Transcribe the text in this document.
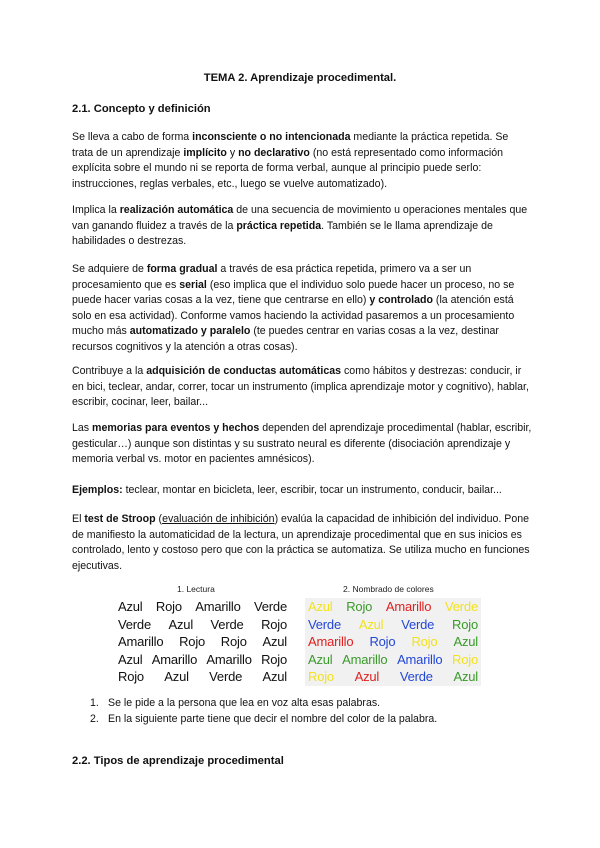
TEMA 2. Aprendizaje procedimental.
2.1. Concepto y definición
Se lleva a cabo de forma inconsciente o no intencionada mediante la práctica repetida. Se trata de un aprendizaje implícito y no declarativo (no está representado como información explícita sobre el mundo ni se reporta de forma verbal, aunque al principio puede serlo: instrucciones, reglas verbales, etc., luego se vuelve automatizado).
Implica la realización automática de una secuencia de movimiento u operaciones mentales que van ganando fluidez a través de la práctica repetida. También se le llama aprendizaje de habilidades o destrezas.
Se adquiere de forma gradual a través de esa práctica repetida, primero va a ser un procesamiento que es serial (eso implica que el individuo solo puede hacer un proceso, no se puede hacer varias cosas a la vez, tiene que centrarse en ello) y controlado (la atención está solo en esa actividad). Conforme vamos haciendo la actividad pasaremos a un procesamiento mucho más automatizado y paralelo (te puedes centrar en varias cosas a la vez, destinar recursos cognitivos y la atención a otras cosas).
Contribuye a la adquisición de conductas automáticas como hábitos y destrezas: conducir, ir en bici, teclear, andar, correr, tocar un instrumento (implica aprendizaje motor y cognitivo), hablar, escribir, cocinar, leer, bailar...
Las memorias para eventos y hechos dependen del aprendizaje procedimental (hablar, escribir, gesticular…) aunque son distintas y su sustrato neural es diferente (disociación aprendizaje y memoria verbal vs. motor en pacientes amnésicos).
Ejemplos: teclear, montar en bicicleta, leer, escribir, tocar un instrumento, conducir, bailar...
El test de Stroop (evaluación de inhibición) evalúa la capacidad de inhibición del individuo. Pone de manifiesto la automaticidad de la lectura, un aprendizaje procedimental que en sus inicios es controlado, lento y costoso pero que con la práctica se automatiza. Se utiliza mucho en funciones ejecutivas.
1. Lectura	2. Nombrado de colores
Azul Rojo Amarillo Verde
Verde Azul Verde Rojo
Amarillo Rojo Rojo Azul
Azul Amarillo Amarillo Rojo
Rojo Azul Verde Azul
Azul Rojo Amarillo Verde
Verde Azul Verde Rojo
Amarillo Rojo Rojo Azul
Azul Amarillo Amarillo Rojo
Rojo Azul Verde Azul
1. Se le pide a la persona que lea en voz alta esas palabras.
2. En la siguiente parte tiene que decir el nombre del color de la palabra.
2.2. Tipos de aprendizaje procedimental
